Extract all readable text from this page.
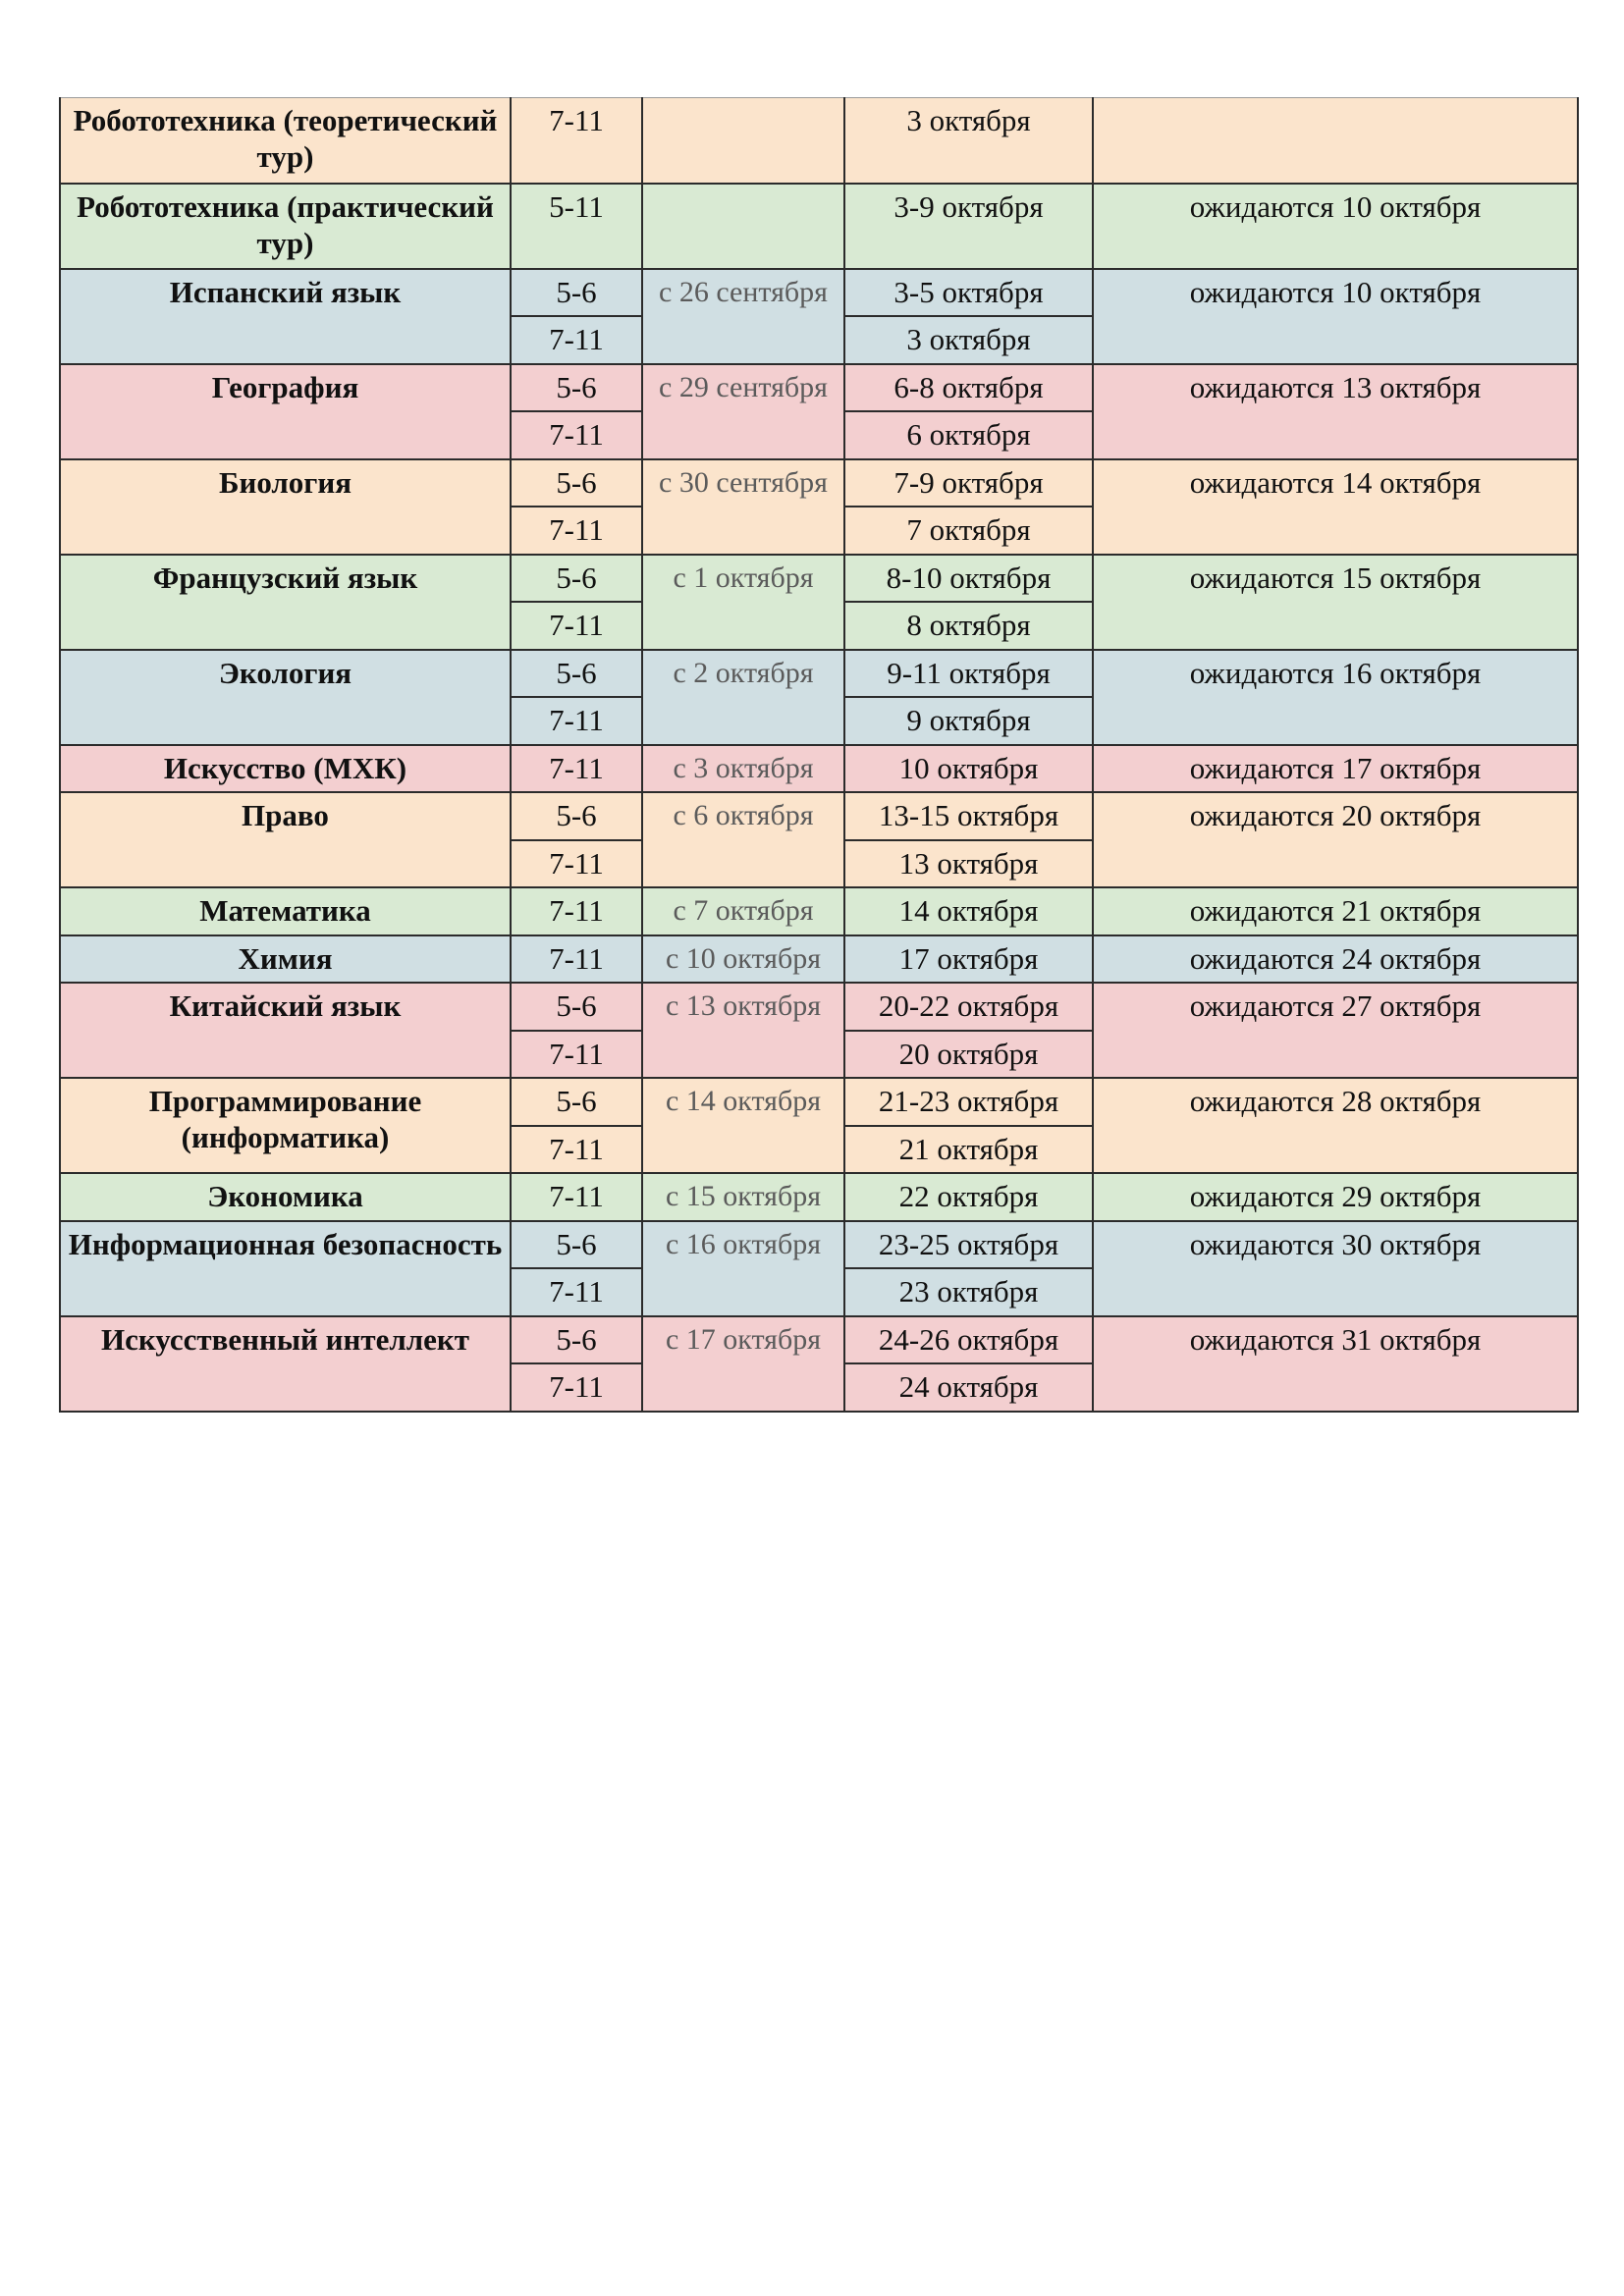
Робототехника (теоретический тур)	7-11		3 октября	
Робототехника (практический тур)	5-11		3-9 октября	ожидаются 10 октября
Испанский язык	5-6	с 26 сентября	3-5 октября	ожидаются 10 октября
	7-11		3 октября	
География	5-6	с 29 сентября	6-8 октября	ожидаются 13 октября
	7-11		6 октября	
Биология	5-6	с 30 сентября	7-9 октября	ожидаются 14 октября
	7-11		7 октября	
Французский язык	5-6	с 1 октября	8-10 октября	ожидаются 15 октября
	7-11		8 октября	
Экология	5-6	с 2 октября	9-11 октября	ожидаются 16 октября
	7-11		9 октября	
Искусство (МХК)	7-11	с 3 октября	10 октября	ожидаются 17 октября
Право	5-6	с 6 октября	13-15 октября	ожидаются 20 октября
	7-11		13 октября	
Математика	7-11	с 7 октября	14 октября	ожидаются 21 октября
Химия	7-11	с 10 октября	17 октября	ожидаются 24 октября
Китайский язык	5-6	с 13 октября	20-22 октября	ожидаются 27 октября
	7-11		20 октября	
Программирование (информатика)	5-6	с 14 октября	21-23 октября	ожидаются 28 октября
	7-11		21 октября	
Экономика	7-11	с 15 октября	22 октября	ожидаются 29 октября
Информационная безопасность	5-6	с 16 октября	23-25 октября	ожидаются 30 октября
	7-11		23 октября	
Искусственный интеллект	5-6	с 17 октября	24-26 октября	ожидаются 31 октября
	7-11		24 октября	
